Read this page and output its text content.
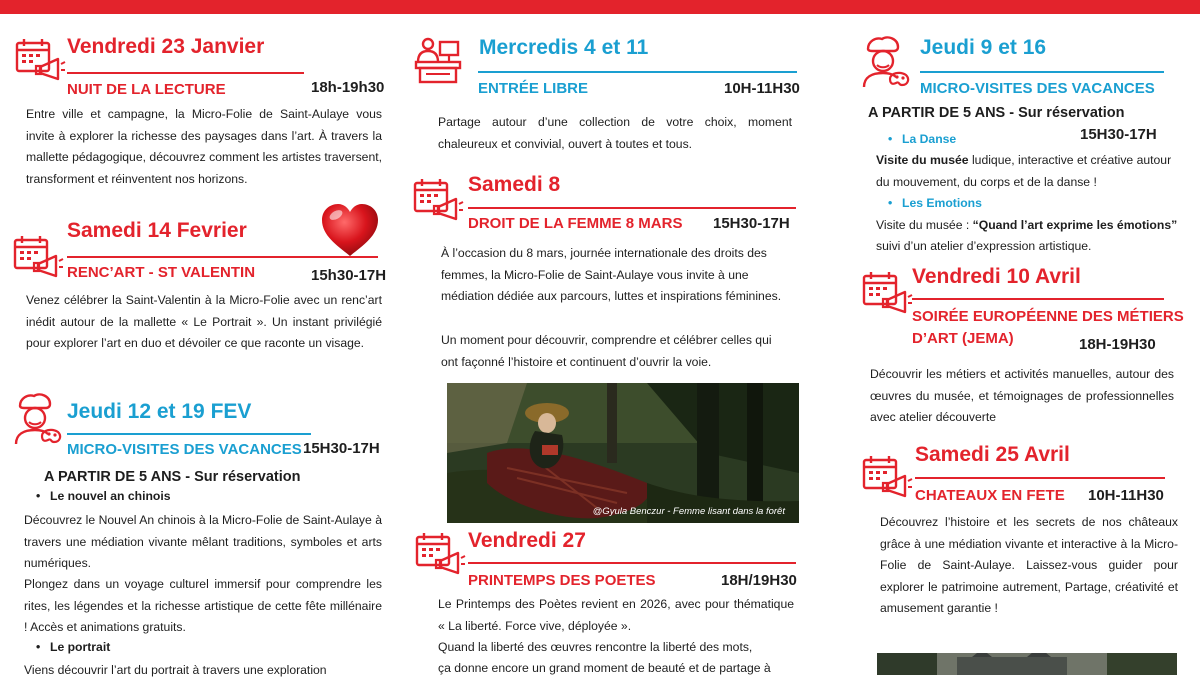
Vendredi 23 Janvier
NUIT DE LA LECTURE	18h-19h30
Entre ville et campagne, la Micro-Folie de Saint-Aulaye vous invite à explorer la richesse des paysages dans l’art. À travers la mallette pédagogique, découvrez comment les artistes traversent, transforment et réinventent nos horizons.
Samedi 14 Fevrier
RENC’ART - ST VALENTIN	15h30-17H
Venez célébrer la Saint-Valentin à la Micro-Folie avec un renc’art inédit autour de la mallette « Le Portrait ». Un instant privilégié pour explorer l’art en duo et dévoiler ce que raconte un visage.
Jeudi 12 et 19 FEV
MICRO-VISITES DES VACANCES 15H30-17H
A PARTIR DE 5 ANS - Sur réservation
• Le nouvel an chinois
Découvrez le Nouvel An chinois à la Micro-Folie de Saint-Aulaye à travers une médiation vivante mêlant traditions, symboles et arts numériques.
Plongez dans un voyage culturel immersif pour comprendre les rites, les légendes et la richesse artistique de cette fête millénaire ! Accès et animations gratuits.
• Le portrait
Viens découvrir l’art du portrait à travers une exploration
Mercredis 4 et 11
ENTRÉE LIBRE	10H-11H30
Partage autour d’une collection de votre choix, moment chaleureux et convivial, ouvert à toutes et tous.
Samedi 8
DROIT DE LA FEMME 8 MARS 15H30-17H
À l’occasion du 8 mars, journée internationale des droits des femmes, la Micro-Folie de Saint-Aulaye vous invite à une médiation dédiée aux parcours, luttes et inspirations féminines.
Un moment pour découvrir, comprendre et célébrer celles qui ont façonné l’histoire et continuent d’ouvrir la voie.
@Gyula Benczur - Femme lisant dans la forêt
Vendredi 27
PRINTEMPS DES POETES	18H/19H30
Le Printemps des Poètes revient en 2026, avec pour thématique « La liberté. Force vive, déployée ».
Quand la liberté des œuvres rencontre la liberté des mots,
ça donne encore un grand moment de beauté et de partage à
Jeudi 9 et 16
MICRO-VISITES DES VACANCES
A PARTIR DE 5 ANS - Sur réservation
• La Danse	15H30-17H
Visite du musée ludique, interactive et créative autour du mouvement, du corps et de la danse !
• Les Emotions
Visite du musée : “Quand l’art exprime les émotions”
suivi d’un atelier d’expression artistique.
Vendredi 10 Avril
SOIRÉE EUROPÉENNE DES MÉTIERS
D’ART (JEMA)	18H-19H30
Découvrir les métiers et activités manuelles, autour des œuvres du musée, et témoignages de professionnelles avec atelier découverte
Samedi 25 Avril
CHATEAUX EN FETE 10H-11H30
Découvrez l’histoire et les secrets de nos châteaux grâce à une médiation vivante et interactive à la Micro-Folie de Saint-Aulaye. Laissez-vous guider pour explorer le patrimoine autrement, Partage, créativité et amusement garantie !
